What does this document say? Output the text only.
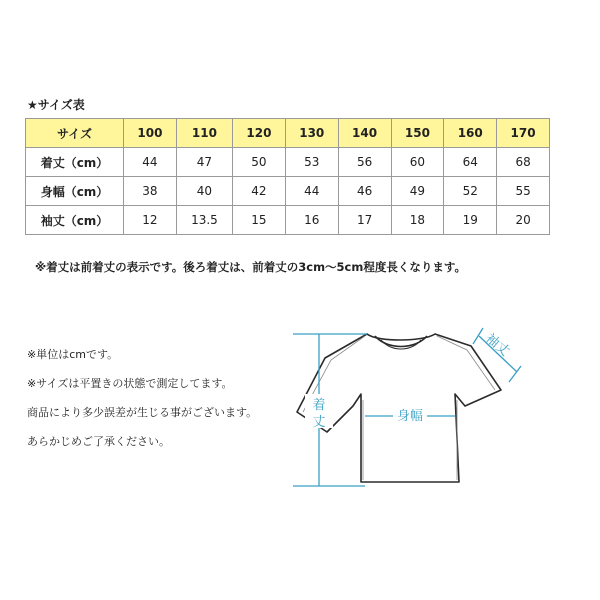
★サイズ表
サイズ	100	110	120	130	140	150	160	170
着丈（cm）	44	47	50	53	56	60	64	68
身幅（cm）	38	40	42	44	46	49	52	55
袖丈（cm）	12	13.5	15	16	17	18	19	20
※着丈は前着丈の表示です。後ろ着丈は、前着丈の3cm〜5cm程度長くなります。
※単位はcmです。
※サイズは平置きの状態で測定してます。
商品により多少誤差が生じる事がございます。
あらかじめご了承ください。
着
丈	身幅
袖丈
